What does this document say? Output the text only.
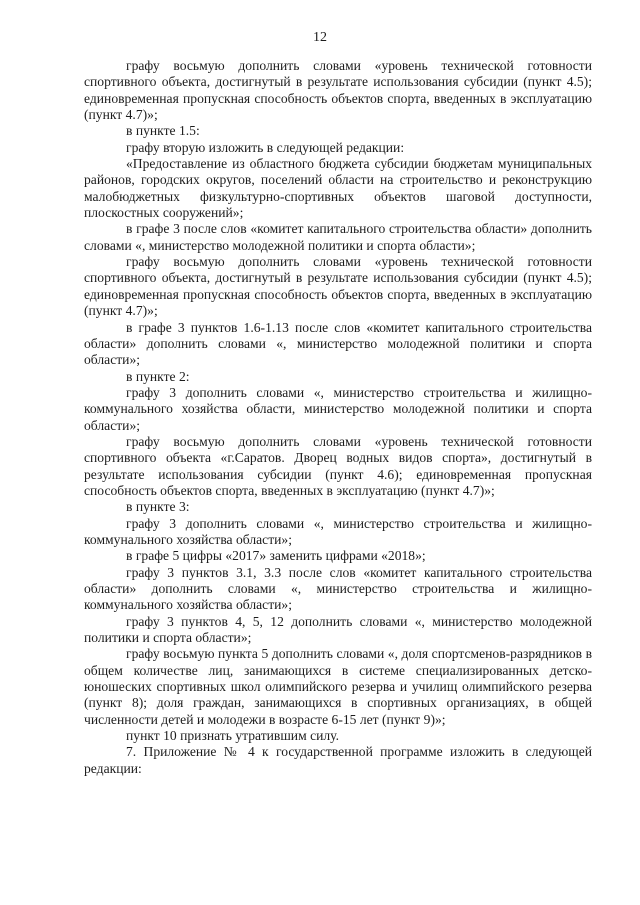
12

графу восьмую дополнить словами «уровень технической готовности спортивного объекта, достигнутый в результате использования субсидии (пункт 4.5); единовременная пропускная способность объектов спорта, введенных в эксплуатацию (пункт 4.7)»;

в пункте 1.5:

графу вторую изложить в следующей редакции:

«Предоставление из областного бюджета субсидии бюджетам муниципальных районов, городских округов, поселений области на строительство и реконструкцию малобюджетных физкультурно-спортивных объектов шаговой доступности, плоскостных сооружений»;

в графе 3 после слов «комитет капитального строительства области» дополнить словами «, министерство молодежной политики и спорта области»;

графу восьмую дополнить словами «уровень технической готовности спортивного объекта, достигнутый в результате использования субсидии (пункт 4.5); единовременная пропускная способность объектов спорта, введенных в эксплуатацию (пункт 4.7)»;

в графе 3 пунктов 1.6-1.13 после слов «комитет капитального строительства области» дополнить словами «, министерство молодежной политики и спорта области»;

в пункте 2:

графу 3 дополнить словами «, министерство строительства и жилищно-коммунального хозяйства области, министерство молодежной политики и спорта области»;

графу восьмую дополнить словами «уровень технической готовности спортивного объекта «г.Саратов. Дворец водных видов спорта», достигнутый в результате использования субсидии (пункт 4.6); единовременная пропускная способность объектов спорта, введенных в эксплуатацию (пункт 4.7)»;

в пункте 3:

графу 3 дополнить словами «, министерство строительства и жилищно-коммунального хозяйства области»;

в графе 5 цифры «2017» заменить цифрами «2018»;

графу 3 пунктов 3.1, 3.3 после слов «комитет капитального строительства области» дополнить словами «, министерство строительства и жилищно-коммунального хозяйства области»;

графу 3 пунктов 4, 5, 12 дополнить словами «, министерство молодежной политики и спорта области»;

графу восьмую пункта 5 дополнить словами «, доля спортсменов-разрядников в общем количестве лиц, занимающихся в системе специализированных детско-юношеских спортивных школ олимпийского резерва и училищ олимпийского резерва (пункт 8); доля граждан, занимающихся в спортивных организациях, в общей численности детей и молодежи в возрасте 6-15 лет (пункт 9)»;

пункт 10 признать утратившим силу.

7. Приложение № 4 к государственной программе изложить в следующей редакции:
